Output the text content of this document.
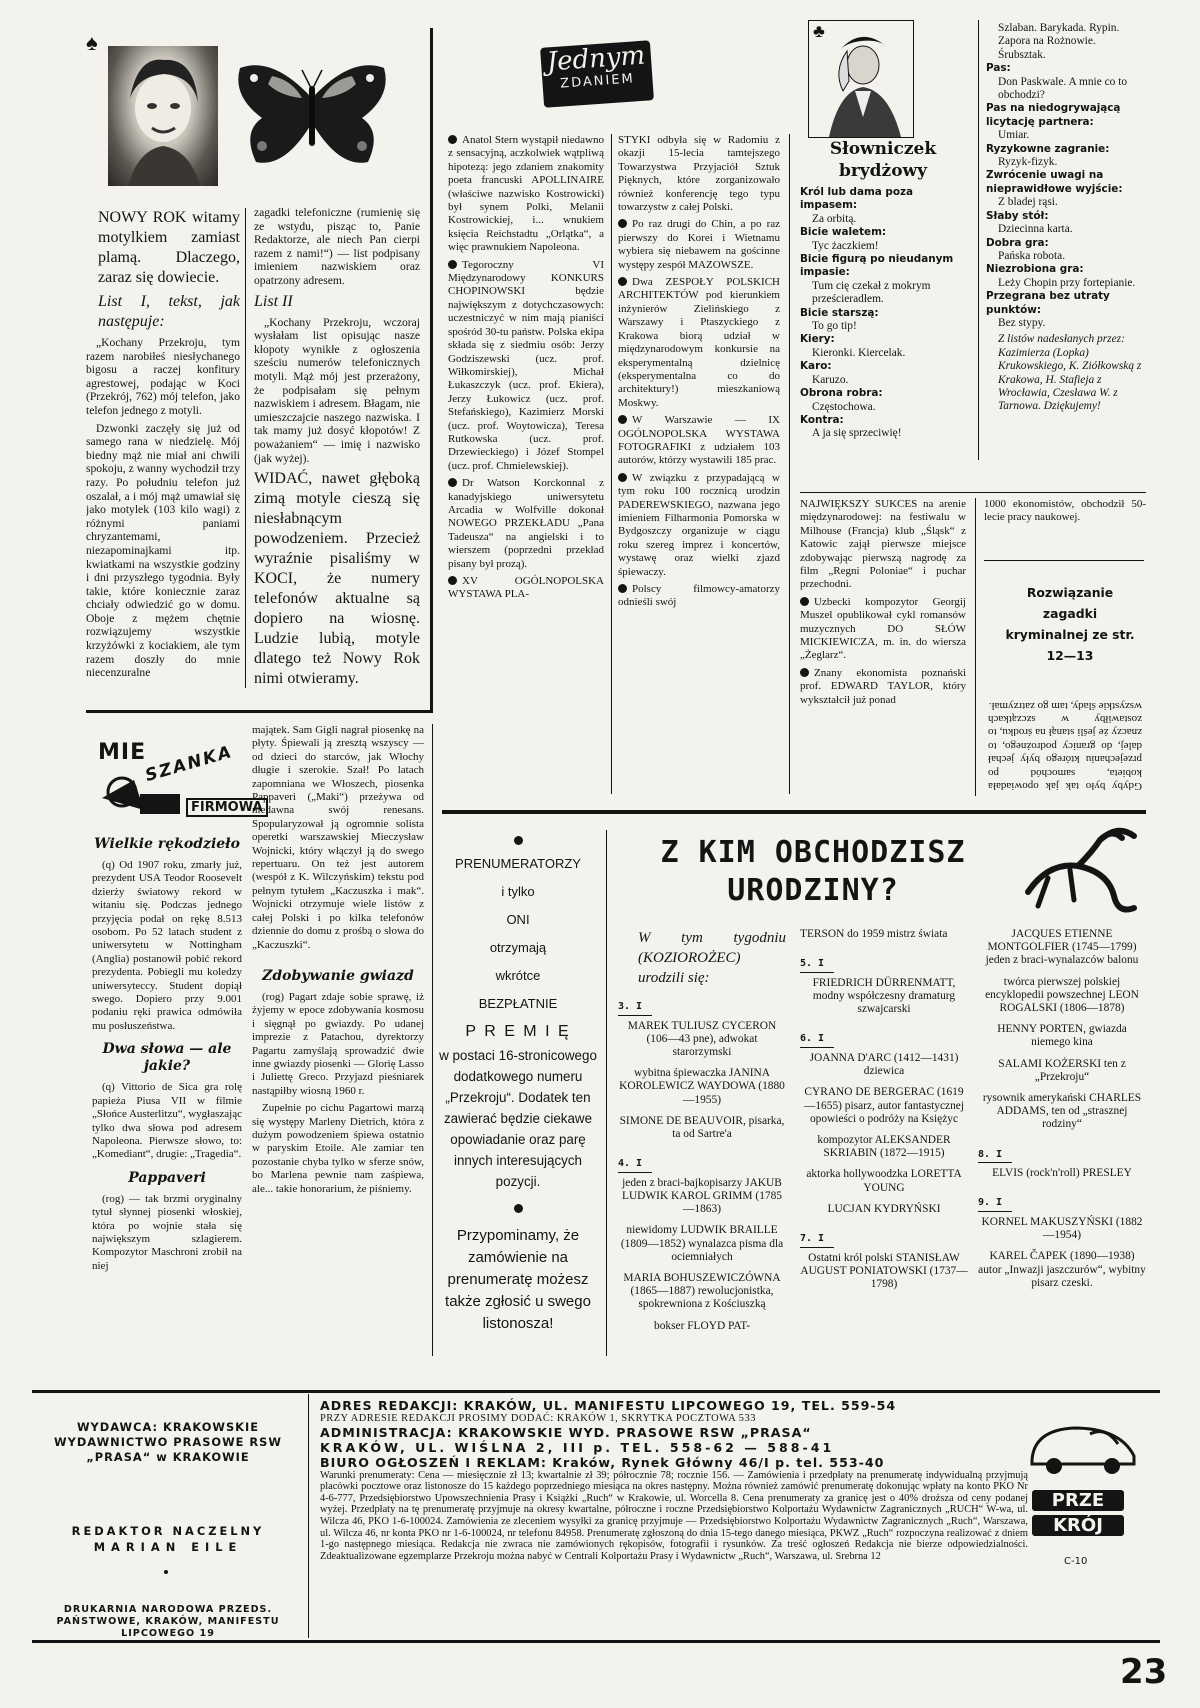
♠

NOWY ROK witamy motylkiem zamiast plamą. Dlaczego, zaraz się dowiecie.

List I, tekst, jak następuje:

„Kochany Przekroju, tym razem narobiłeś niesłychanego bigosu a raczej konfitury agrestowej, podając w Koci (Przekrój, 762) mój telefon, jako telefon jednego z motyli.

Dzwonki zaczęły się już od samego rana w niedzielę. Mój biedny mąż nie miał ani chwili spokoju, z wanny wychodził trzy razy. Po południu telefon już oszalał, a i mój mąż umawiał się jako motylek (103 kilo wagi) z różnymi paniami chryzantemami, niezapominajkami itp. kwiatkami na wszystkie godziny i dni przyszłego tygodnia. Były takie, które koniecznie zaraz chciały odwiedzić go w domu. Oboje z mężem chętnie rozwiązujemy wszystkie krzyżówki z kociakiem, ale tym razem doszły do mnie niecenzuralne

zagadki telefoniczne (rumienię się ze wstydu, pisząc to, Panie Redaktorze, ale niech Pan cierpi razem z nami!“) — list podpisany imieniem nazwiskiem oraz opatrzony adresem.

List II

„Kochany Przekroju, wczoraj wysłałam list opisując nasze kłopoty wynikłe z ogłoszenia sześciu numerów telefonicznych motyli. Mąż mój jest przerażony, że podpisałam się pełnym nazwiskiem i adresem. Błagam, nie umieszczajcie naszego nazwiska. I tak mamy już dosyć kłopotów! Z poważaniem“ — imię i nazwisko (jak wyżej).

WIDAĆ, nawet głęboką zimą motyle cieszą się niesłabnącym powodzeniem. Przecież wyraźnie pisaliśmy w KOCI, że numery telefonów aktualne są dopiero na wiosnę. Ludzie lubią, motyle dlatego też Nowy Rok nimi otwieramy.

Jednym
ZDANIEM

Anatol Stern wystąpił niedawno z sensacyjną, aczkolwiek wątpliwą hipotezą: jego zdaniem znakomity poeta francuski APOLLINAIRE (właściwe nazwisko Kostrowicki) był synem Polki, Melanii Kostrowickiej, i... wnukiem księcia Reichstadtu „Orlątka“, a więc prawnukiem Napoleona.

Tegoroczny VI Międzynarodowy KONKURS CHOPINOWSKI będzie największym z dotychczasowych: uczestniczyć w nim mają pianiści spośród 30-tu państw. Polska ekipa składa się z siedmiu osób: Jerzy Godziszewski (ucz. prof. Wiłkomirskiej), Michał Łukaszczyk (ucz. prof. Ekiera), Jerzy Łukowicz (ucz. prof. Stefańskiego), Kazimierz Morski (ucz. prof. Woytowicza), Teresa Rutkowska (ucz. prof. Drzewieckiego) i Józef Stompel (ucz. prof. Chmielewskiej).

Dr Watson Korckonnal z kanadyjskiego uniwersytetu Arcadia w Wolfville dokonał NOWEGO PRZEKŁADU „Pana Tadeusza“ na angielski i to wierszem (poprzedni przekład pisany był prozą).

XV OGÓLNOPOLSKA WYSTAWA PLA-

STYKI odbyła się w Radomiu z okazji 15-lecia tamtejszego Towarzystwa Przyjaciół Sztuk Pięknych, które zorganizowało również konferencję tego typu towarzystw z całej Polski.

Po raz drugi do Chin, a po raz pierwszy do Korei i Wietnamu wybiera się niebawem na gościnne występy zespół MAZOWSZE.

Dwa ZESPOŁY POLSKICH ARCHITEKTÓW pod kierunkiem inżynierów Zielińskiego z Warszawy i Ptaszyckiego z Krakowa biorą udział w międzynarodowym konkursie na eksperymentalną dzielnicę (eksperymentalna co do architektury!) mieszkaniową Moskwy.

W Warszawie — IX OGÓLNOPOLSKA WYSTAWA FOTOGRAFIKI z udziałem 103 autorów, którzy wystawili 185 prac.

W związku z przypadającą w tym roku 100 rocznicą urodzin PADEREWSKIEGO, nazwana jego imieniem Filharmonia Pomorska w Bydgoszczy organizuje w ciągu roku szereg imprez i koncertów, wystawę oraz wielki zjazd śpiewaczy.

Polscy filmowcy-amatorzy odnieśli swój

♣
Słowniczek brydżowy

Król lub dama poza impasem:

Za orbitą.

Bicie waletem:

Tyc żaczkiem!

Bicie figurą po nieudanym impasie:

Tum cię czekał z mokrym prześcieradłem.

Bicie starszą:

To go tip!

Kiery:

Kieronki. Kiercelak.

Karo:

Karuzo.

Obrona robra:

Częstochowa.

Kontra:

A ja się sprzeciwię!

Szlaban. Barykada. Rypin. Zapora na Rożnowie. Śrubsztak.

Pas:

Don Paskwale. A mnie co to obchodzi?

Pas na niedogrywającą licytację partnera:

Umiar.

Ryzykowne zagranie:

Ryzyk-fizyk.

Zwrócenie uwagi na nieprawidłowe wyjście:

Z bladej rąsi.

Słaby stół:

Dziecinna karta.

Dobra gra:

Pańska robota.

Niezrobiona gra:

Leży Chopin przy fortepianie.

Przegrana bez utraty punktów:

Bez stypy.

Z listów nadesłanych przez: Kazimierza (Lopka) Krukowskiego, K. Ziółkowską z Krakowa, H. Stafieja z Wrocławia, Czesława W. z Tarnowa. Dziękujemy!

NAJWIĘKSZY SUKCES na arenie międzynarodowej: na festiwalu w Milhouse (Francja) klub „Śląsk“ z Katowic zajął pierwsze miejsce zdobywając pierwszą nagrodę za film „Regni Poloniae“ i puchar przechodni.

Uzbecki kompozytor Georgij Muszel opublikował cykl romansów muzycznych DO SŁÓW MICKIEWICZA, m. in. do wiersza „Żeglarz“.

Znany ekonomista poznański prof. EDWARD TAYLOR, który wykształcił już ponad

1000 ekonomistów, obchodził 50-lecie pracy naukowej.

Rozwiązanie zagadki kryminalnej ze str. 12—13
Gdyby było tak jak opowiadała kobieta, samochód po przejechaniu którego były jechał dalej, do granicy podrożnego, to znaczy że jeśli stanął na środku, to zostawiłby w szczątkach wszystkie ślady, tam go zatrzymał.
MIE
SZANKA
FIRMOWA
Wielkie rękodzieło

(q) Od 1907 roku, zmarły już, prezydent USA Teodor Roosevelt dzierży światowy rekord w witaniu się. Podczas jednego przyjęcia podał on rękę 8.513 osobom. Po 52 latach student z uniwersytetu w Nottingham (Anglia) postanowił pobić rekord prezydenta. Pobiegli mu koledzy uniwersyteccy. Student dopiął swego. Dopiero przy 9.001 podaniu ręki prawica odmówiła mu posłuszeństwa.

Dwa słowa — ale jakie?

(q) Vittorio de Sica gra rolę papieża Piusa VII w filmie „Słońce Austerlitzu“, wygłaszając tylko dwa słowa pod adresem Napoleona. Pierwsze słowo, to: „Komediant“, drugie: „Tragedia“.

Pappaveri

(rog) — tak brzmi oryginalny tytuł słynnej piosenki włoskiej, która po wojnie stała się największym szlagierem. Kompozytor Maschroni zrobił na niej

majątek. Sam Gigli nagrał piosenkę na płyty. Śpiewali ją zresztą wszyscy — od dzieci do starców, jak Włochy długie i szerokie. Szał! Po latach zapomniana we Włoszech, piosenka Pappaveri („Maki“) przeżywa od niedawna swój renesans. Spopularyzował ją ogromnie solista operetki warszawskiej Mieczysław Wojnicki, który włączył ją do swego repertuaru. On też jest autorem (wespół z K. Wilczyńskim) tekstu pod pełnym tytułem „Kaczuszka i mak“. Wojnicki otrzymuje wiele listów z całej Polski i po kilka telefonów dziennie do domu z prośbą o słowa do „Kaczuszki“.

Zdobywanie gwiazd

(rog) Pagart zdaje sobie sprawę, iż żyjemy w epoce zdobywania kosmosu i sięgnął po gwiazdy. Po udanej imprezie z Patachou, dyrektorzy Pagartu zamyślają sprowadzić dwie inne gwiazdy piosenki — Glorię Lasso i Juliettę Greco. Przyjazd pieśniarek nastąpiłby wiosną 1960 r.

Zupełnie po cichu Pagartowi marzą się występy Marleny Dietrich, która z dużym powodzeniem śpiewa ostatnio w paryskim Etoile. Ale zamiar ten pozostanie chyba tylko w sferze snów, bo Marlena pewnie nam zaśpiewa, ale... takie honorarium, że piśniemy.

PRENUMERATORZY
i tylko
ONI
otrzymają
wkrótce
BEZPŁATNIE
P R E M I Ę
w postaci 16-stronicowego dodatkowego numeru „Przekroju“. Dodatek ten zawierać będzie ciekawe opowiadanie oraz parę innych interesujących pozycji.
Przypominamy, że zamówienie na prenumeratę możesz także zgłosić u swego listonosza!
Z KIM OBCHODZISZ URODZINY?

W tym tygodniu (KOZIOROŻEC) urodzili się:

3. I
MAREK TULIUSZ CYCERON (106—43 pne), adwokat starorzymski
wybitna śpiewaczka JANINA KOROLEWICZ WAYDOWA (1880—1955)
SIMONE DE BEAUVOIR, pisarka, ta od Sartre'a
4. I
jeden z braci-bajkopisarzy JAKUB LUDWIK KAROL GRIMM (1785—1863)
niewidomy LUDWIK BRAILLE (1809—1852) wynalazca pisma dla ociemniałych
MARIA BOHUSZEWICZÓWNA (1865—1887) rewolucjonistka, spokrewniona z Kościuszką
bokser FLOYD PAT-
TERSON do 1959 mistrz świata
5. I
FRIEDRICH DÜRRENMATT, modny współczesny dramaturg szwajcarski
6. I
JOANNA D'ARC (1412—1431) dziewica
CYRANO DE BERGERAC (1619—1655) pisarz, autor fantastycznej opowieści o podróży na Księżyc
kompozytor ALEKSANDER SKRIABIN (1872—1915)
aktorka hollywoodzka LORETTA YOUNG
LUCJAN KYDRYŃSKI
7. I
Ostatni król polski STANISŁAW AUGUST PONIATOWSKI (1737—1798)
JACQUES ETIENNE MONTGOLFIER (1745—1799) jeden z braci-wynalazców balonu
twórca pierwszej polskiej encyklopedii powszechnej LEON ROGALSKI (1806—1878)
HENNY PORTEN, gwiazda niemego kina
SALAMI KOŻERSKI ten z „Przekroju“
rysownik amerykański CHARLES ADDAMS, ten od „strasznej rodziny“
8. I
ELVIS (rock'n'roll) PRESLEY
9. I
KORNEL MAKUSZYŃSKI (1882—1954)
KAREL ČAPEK (1890—1938) autor „Inwazji jaszczurów“, wybitny pisarz czeski.
WYDAWCA: KRAKOWSKIE WYDAWNICTWO PRASOWE RSW „PRASA“ w KRAKOWIE
REDAKTOR NACZELNY
MARIAN EILE
DRUKARNIA NARODOWA PRZEDS. PAŃSTWOWE, KRAKÓW, MANIFESTU LIPCOWEGO 19
ADRES REDAKCJI: KRAKÓW, UL. MANIFESTU LIPCOWEGO 19, TEL. 559-54
PRZY ADRESIE REDAKCJI PROSIMY DODAĆ: KRAKÓW 1, SKRYTKA POCZTOWA 533
ADMINISTRACJA: KRAKOWSKIE WYD. PRASOWE RSW „PRASA“
KRAKÓW, UL. WIŚLNA 2, III p. TEL. 558-62 — 588-41
BIURO OGŁOSZEŃ I REKLAM: Kraków, Rynek Główny 46/I p. tel. 553-40
Warunki prenumeraty: Cena — miesięcznie zł 13; kwartalnie zł 39; półrocznie 78; rocznie 156. — Zamówienia i przedpłaty na prenumeratę indywidualną przyjmują placówki pocztowe oraz listonosze do 15 każdego poprzedniego miesiąca na okres następny. Można również zamówić prenumeratę dokonując wpłaty na konto PKO Nr 4-6-777, Przedsiębiorstwo Upowszechnienia Prasy i Książki „Ruch“ w Krakowie, ul. Worcella 8. Cena prenumeraty za granicę jest o 40% droższa od ceny podanej wyżej. Przedpłaty na tę prenumeratę przyjmuje na okresy kwartalne, półroczne i roczne Przedsiębiorstwo Kolportażu Wydawnictw Zagranicznych „RUCH“ W-wa, ul. Wilcza 46, PKO 1-6-100024. Zamówienia ze zleceniem wysyłki za granicę przyjmuje — Przedsiębiorstwo Kolportażu Wydawnictw Zagranicznych „Ruch“, Warszawa, ul. Wilcza 46, nr konta PKO nr 1-6-100024, nr telefonu 84958. Prenumeratę zgłoszoną do dnia 15-tego danego miesiąca, PKWZ „Ruch“ rozpoczyna realizować z dniem 1-go następnego miesiąca. Redakcja nie zwraca nie zamówionych rękopisów, fotografii i rysunków. Za treść ogłoszeń Redakcja nie bierze odpowiedzialności. Zdeaktualizowane egzemplarze Przekroju można nabyć w Centrali Kolportażu Prasy i Wydawnictw „Ruch“, Warszawa, ul. Srebrna 12
PRZE
KRÓJ
C-10
23
